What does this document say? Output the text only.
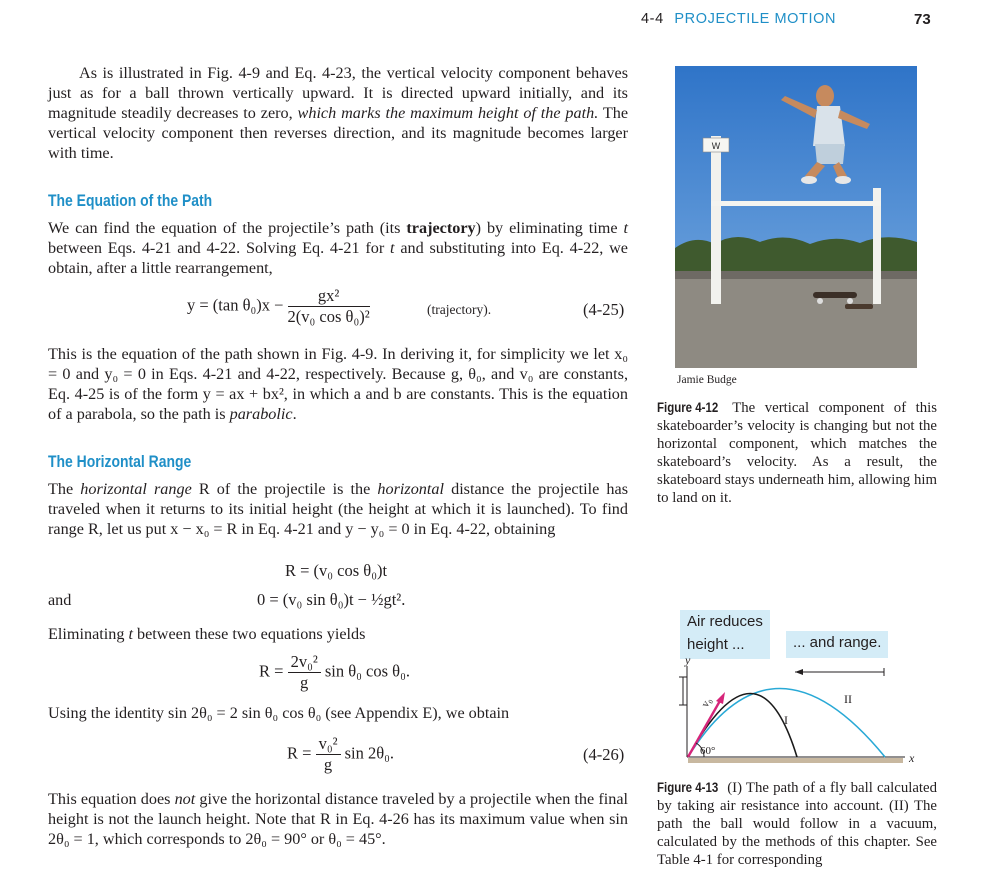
4-4 PROJECTILE MOTION	73
As is illustrated in Fig. 4-9 and Eq. 4-23, the vertical velocity component behaves just as for a ball thrown vertically upward. It is directed upward initially, and its magnitude steadily decreases to zero, which marks the maximum height of the path. The vertical velocity component then reverses direction, and its magnitude becomes larger with time.
The Equation of the Path
We can find the equation of the projectile’s path (its trajectory) by eliminating time t between Eqs. 4-21 and 4-22. Solving Eq. 4-21 for t and substituting into Eq. 4-22, we obtain, after a little rearrangement,
y = (tan $\theta_0)x - \frac{\text{gx²}}{\text{2(v₀ cos θ₀)²}}$	(trajectory).	(4-25)
This is the equation of the path shown in Fig. 4-9. In deriving it, for simplicity we let x₀ = 0 and y₀ = 0 in Eqs. 4-21 and 4-22, respectively. Because g, θ₀, and v₀ are constants, Eq. 4-25 is of the form y = ax + bx², in which a and b are constants. This is the equation of a parabola, so the path is parabolic.
The Horizontal Range
The horizontal range R of the projectile is the horizontal distance the projectile has traveled when it returns to its initial height (the height at which it is launched). To find range R, let us put x − x₀ = R in Eq. 4-21 and y − y₀ = 0 in Eq. 4-22, obtaining
R = (v₀ cos θ₀)t
and	0 = (v₀ sin θ₀)t − ½gt².
Eliminating t between these two equations yields
$R = \frac{\text{2v₀²}}{g}$ sin θ₀ cos θ₀.
Using the identity sin 2θ₀ = 2 sin θ₀ cos θ₀ (see Appendix E), we obtain
$R = \frac{\text{v₀²}}{g}$ sin 2θ₀.	(4-26)
This equation does not give the horizontal distance traveled by a projectile when the final height is not the launch height. Note that R in Eq. 4-26 has its maximum value when sin 2θ₀ = 1, which corresponds to 2θ₀ = 90° or θ₀ = 45°.
W
Jamie Budge
Figure 4-12 The vertical component of this skateboarder’s velocity is changing but not the horizontal component, which matches the skateboard’s velocity. As a result, the skateboard stays underneath him, allowing him to land on it.
Air reduces
height ...	... and range.
y
x
v₀
60°
I
II
Figure 4-13 (I) The path of a fly ball calculated by taking air resistance into account. (II) The path the ball would follow in a vacuum, calculated by the methods of this chapter. See Table 4-1 for corresponding
